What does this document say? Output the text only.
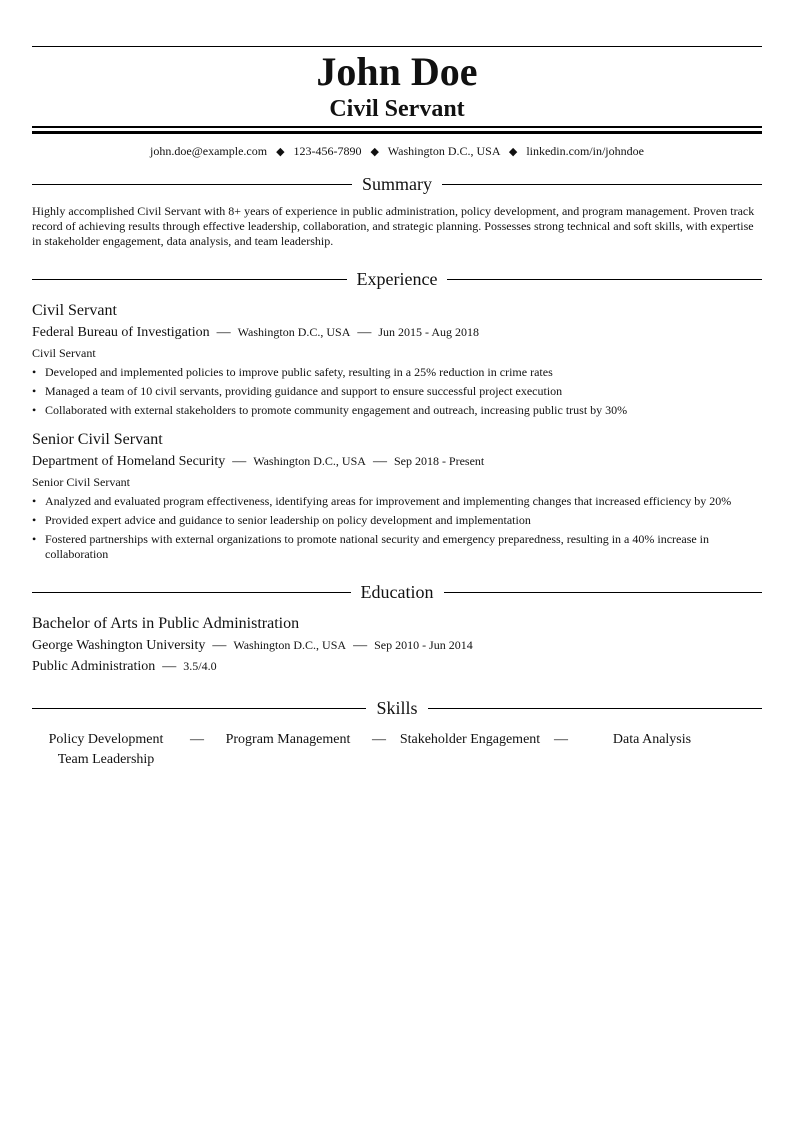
John Doe
Civil Servant
john.doe@example.com ◆ 123-456-7890 ◆ Washington D.C., USA ◆ linkedin.com/in/johndoe
Summary
Highly accomplished Civil Servant with 8+ years of experience in public administration, policy development, and program management. Proven track record of achieving results through effective leadership, collaboration, and strategic planning. Possesses strong technical and soft skills, with expertise in stakeholder engagement, data analysis, and team leadership.
Experience
Civil Servant
Federal Bureau of Investigation — Washington D.C., USA — Jun 2015 - Aug 2018
Civil Servant
• Developed and implemented policies to improve public safety, resulting in a 25% reduction in crime rates
• Managed a team of 10 civil servants, providing guidance and support to ensure successful project execution
• Collaborated with external stakeholders to promote community engagement and outreach, increasing public trust by 30%
Senior Civil Servant
Department of Homeland Security — Washington D.C., USA — Sep 2018 - Present
Senior Civil Servant
• Analyzed and evaluated program effectiveness, identifying areas for improvement and implementing changes that increased efficiency by 20%
• Provided expert advice and guidance to senior leadership on policy development and implementation
• Fostered partnerships with external organizations to promote national security and emergency preparedness, resulting in a 40% increase in collaboration
Education
Bachelor of Arts in Public Administration
George Washington University — Washington D.C., USA — Sep 2010 - Jun 2014
Public Administration — 3.5/4.0
Skills
Policy Development	—	Program Management	— Stakeholder Engagement —	Data Analysis
Team Leadership
